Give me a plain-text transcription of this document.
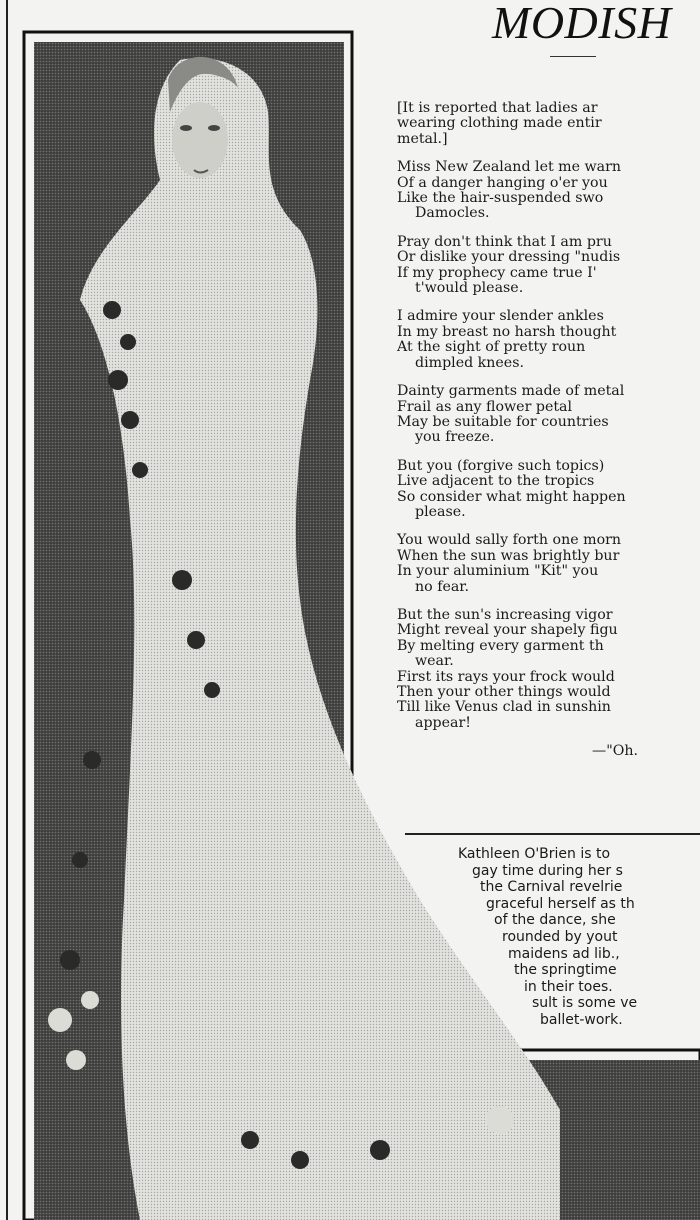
MODISH
[It is reported that ladies ar
wearing clothing made entir
metal.]
Miss New Zealand let me warn
Of a danger hanging o'er you
Like the hair-suspended swo
Damocles.
Pray don't think that I am pru
Or dislike your dressing "nudis
If my prophecy came true I'
t'would please.
I admire your slender ankles
In my breast no harsh thought
At the sight of pretty roun
dimpled knees.
Dainty garments made of metal
Frail as any flower petal
May be suitable for countries
you freeze.
But you (forgive such topics)
Live adjacent to the tropics
So consider what might happen
please.
You would sally forth one morn
When the sun was brightly bur
In your aluminium "Kit" you
no fear.
But the sun's increasing vigor
Might reveal your shapely figu
By melting every garment th
wear.
First its rays your frock would
Then your other things would
Till like Venus clad in sunshin
appear!
—"Oh.
Kathleen O'Brien is to
gay time during her s
the Carnival revelrie
graceful herself as th
of the dance, she
rounded by yout
maidens ad lib.,
the springtime
in their toes.
sult is some ve
ballet-work.
